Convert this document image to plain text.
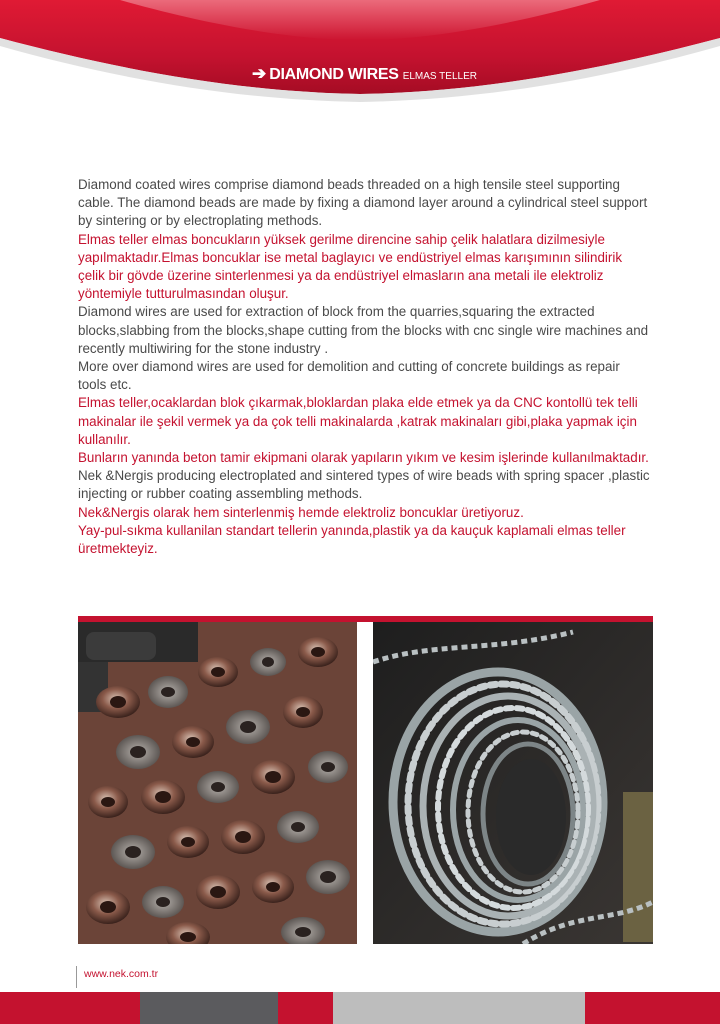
➔ DIAMOND WIRES ELMAS TELLER

Diamond coated wires comprise diamond beads threaded on a high tensile steel supporting cable. The diamond beads are made by fixing a diamond layer around a cylindrical steel support by sintering or by electroplating methods.

Elmas teller elmas boncukların yüksek gerilme direncine sahip çelik halatlara dizilmesiyle yapılmaktadır.Elmas boncuklar ise metal baglayıcı ve endüstriyel elmas karışımının silindirik çelik bir gövde üzerine sinterlenmesi ya da endüstriyel elmasların ana metali ile elektroliz yöntemiyle tutturulmasından oluşur.

Diamond wires are used for extraction of block from the quarries,squaring the extracted blocks,slabbing from the blocks,shape cutting from the blocks with cnc single wire machines and recently multiwiring for the stone industry .

More over diamond wires are used for demolition and cutting of concrete buildings as repair tools etc.

Elmas teller,ocaklardan blok çıkarmak,bloklardan plaka elde etmek ya da CNC kontollü tek telli makinalar ile şekil vermek ya da çok telli makinalarda ,katrak makinaları gibi,plaka yapmak için kullanılır.

Bunların yanında beton tamir ekipmani olarak yapıların yıkım ve kesim işlerinde kullanılmaktadır.

Nek &Nergis producing electroplated and sintered types of wire beads with spring spacer ,plastic injecting or rubber coating assembling methods.

Nek&Nergis olarak hem sinterlenmiş hemde elektroliz boncuklar üretiyoruz.

Yay-pul-sıkma kullanilan standart tellerin yanında,plastik ya da kauçuk kaplamali elmas teller üretmekteyiz.

www.nek.com.tr
